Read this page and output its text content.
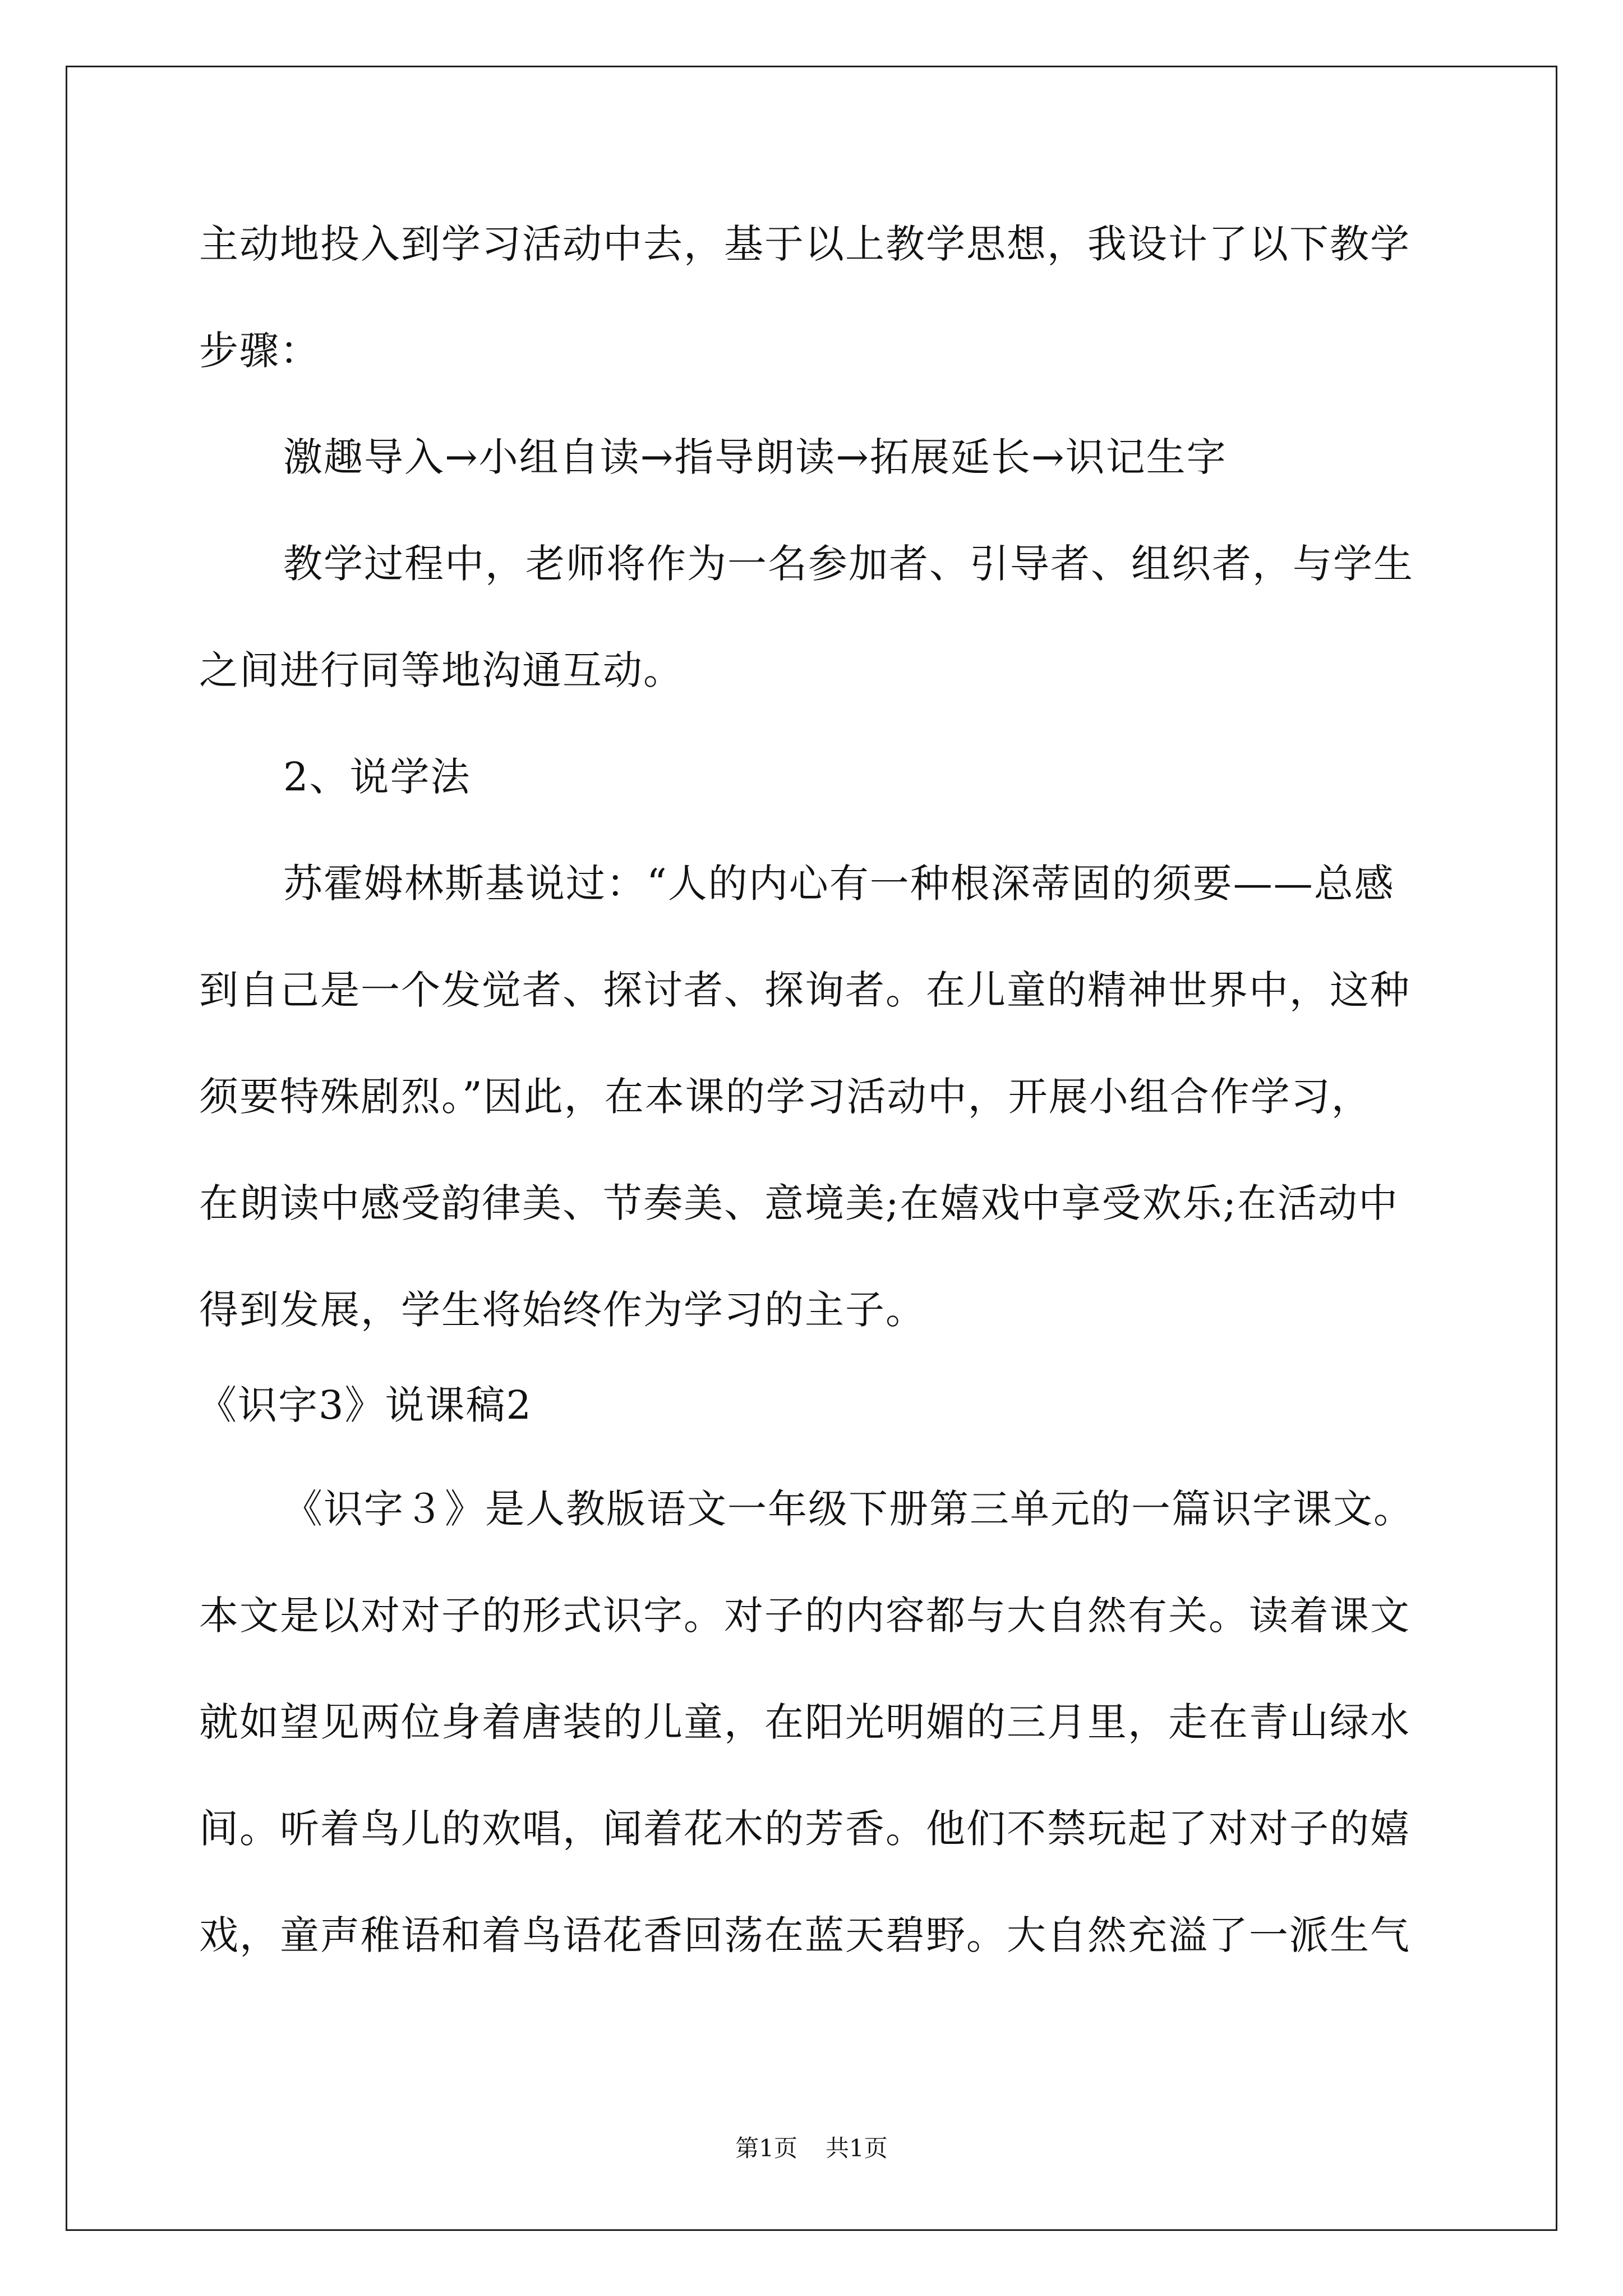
主动地投入到学习活动中去，基于以上教学思想，我设计了以下教学
步骤：
激趣导入→小组自读→指导朗读→拓展延长→识记生字
教学过程中，老师将作为一名参加者、引导者、组织者，与学生
之间进行同等地沟通互动。
2、说学法
苏霍姆林斯基说过：“人的内心有一种根深蒂固的须要——总感
到自己是一个发觉者、探讨者、探询者。在儿童的精神世界中，这种
须要特殊剧烈。”因此，在本课的学习活动中，开展小组合作学习，
在朗读中感受韵律美、节奏美、意境美;在嬉戏中享受欢乐;在活动中
得到发展，学生将始终作为学习的主子。
《识字3》说课稿2
《识字３》是人教版语文一年级下册第三单元的一篇识字课文。
本文是以对对子的形式识字。对子的内容都与大自然有关。读着课文
就如望见两位身着唐装的儿童，在阳光明媚的三月里，走在青山绿水
间。听着鸟儿的欢唱，闻着花木的芳香。他们不禁玩起了对对子的嬉
戏，童声稚语和着鸟语花香回荡在蓝天碧野。大自然充溢了一派生气
第1页 共1页
